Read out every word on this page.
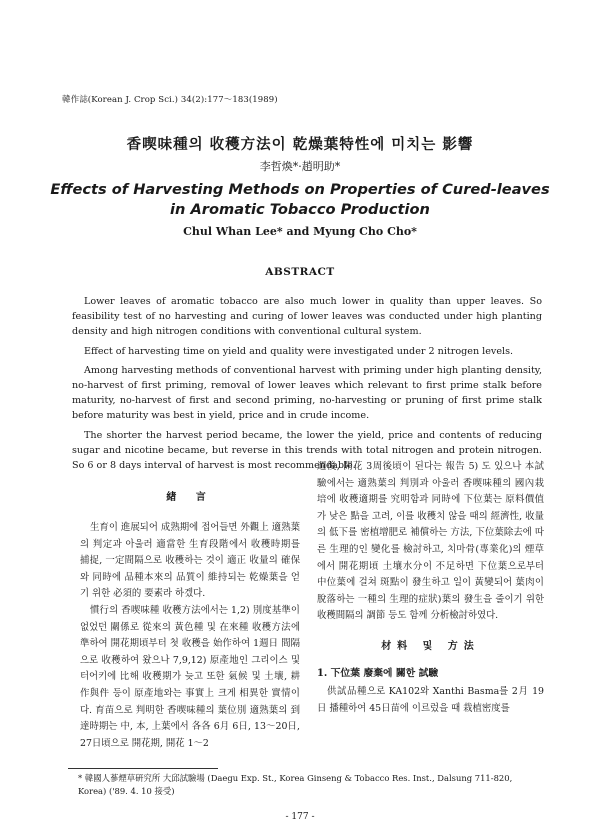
韓作誌(Korean J. Crop Sci.) 34(2):177〜183(1989)
香喫味種의 收穫方法이 乾燥葉特性에 미치는 影響
李哲煥*·趙明助*
Effects of Harvesting Methods on Properties of Cured-leaves
in Aromatic Tobacco Production
Chul Whan Lee* and Myung Cho Cho*
ABSTRACT

Lower leaves of aromatic tobacco are also much lower in quality than upper leaves. So feasibility test of no harvesting and curing of lower leaves was conducted under high planting density and high nitrogen conditions with conventional cultural system.

Effect of harvesting time on yield and quality were investigated under 2 nitrogen levels.

Among harvesting methods of conventional harvest with priming under high planting density, no-harvest of first priming, removal of lower leaves which relevant to first prime stalk before maturity, no-harvest of first and second priming, no-harvesting or pruning of first prime stalk before maturity was best in yield, price and in crude income.

The shorter the harvest period became, the lower the yield, price and contents of reducing sugar and nicotine became, but reverse in this trends with total nitrogen and protein nitrogen. So 6 or 8 days interval of harvest is most recommendable.

緖 言

生育이 進展되어 成熟期에 접어들면 外觀上 適熟葉의 判定과 아울러 適當한 生育段階에서 收穫時期를 捕捉, 一定間隔으로 收穫하는 것이 適正 收量의 確保와 同時에 品種本來의 品質이 維持되는 乾燥葉을 얻기 위한 必須的 要素라 하겠다.

慣行의 香喫味種 收穫方法에서는 1,2) 別度基準이 없었던 關係로 從來의 黃色種 및 在來種 收穫方法에 準하여 開花期頃부터 첫 收穫을 始作하여 1週日 間隔으로 收穫하여 왔으나 7,9,12) 原產地인 그리이스 및 터어키에 比해 收穫期가 늦고 또한 氣候 및 土壤, 耕作與件 등이 原產地와는 事實上 크게 相異한 實情이다. 育苗으로 判明한 香喫味種의 葉位別 適熟葉의 到達時期는 中, 本, 上葉에서 各各 6月 6日, 13〜20日, 27日頃으로 開花期, 開花 1〜2

週後, 開花 3周後頃이 된다는 報告 5) 도 있으나 本試驗에서는 適熟葉의 判別과 아울러 香喫味種의 國內栽培에 收穫適期를 究明함과 同時에 下位葉는 原料價值가 낮은 點을 고려, 이를 收穫치 않을 때의 經濟性, 收量의 低下를 密植增肥로 補償하는 方法, 下位葉除去에 따른 生理的인 變化를 檢討하고, 치마骨(專業化)의 煙草에서 開花期頃 土壤水分이 不足하면 下位葉으로부터 中位葉에 걸쳐 斑點이 發生하고 일이 黃變되어 葉肉이 脫落하는 一種의 生理的症狀)葉의 發生을 줄이기 위한 收穫間隔의 調節 등도 함께 分析檢討하였다.

材料 및 方法
1. 下位葉 廢棄에 關한 試驗

供試品種으로 KA102와 Xanthi Basma를 2月 19日 播種하여 45日苗에 이르렀을 때 栽植密度를

* 韓國人蔘煙草硏究所 大邱試驗場 (Daegu Exp. St., Korea Ginseng & Tobacco Res. Inst., Dalsung 711-820, Korea) ('89. 4. 10 接受)
- 177 -
